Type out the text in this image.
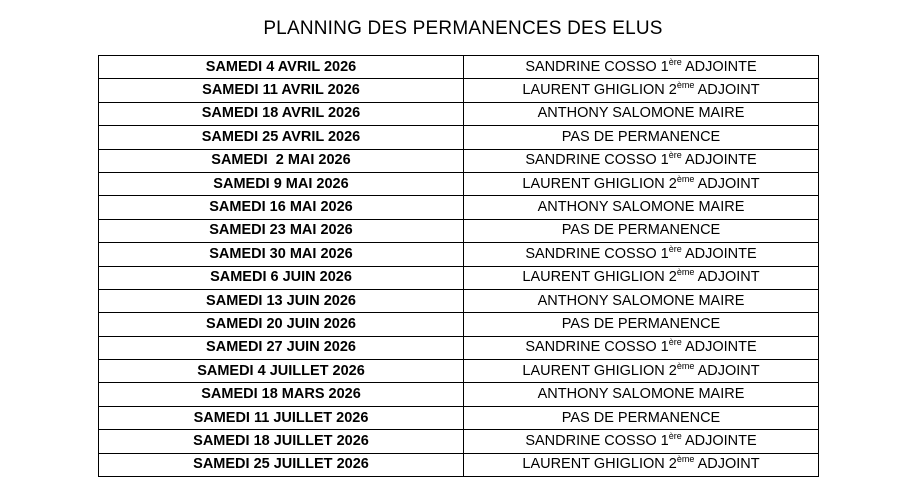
PLANNING DES PERMANENCES DES ELUS
SAMEDI 4 AVRIL 2026	SANDRINE COSSO 1ère ADJOINTE
SAMEDI 11 AVRIL 2026	LAURENT GHIGLION 2ème ADJOINT
SAMEDI 18 AVRIL 2026	ANTHONY SALOMONE MAIRE
SAMEDI 25 AVRIL 2026	PAS DE PERMANENCE
SAMEDI  2 MAI 2026	SANDRINE COSSO 1ère ADJOINTE
SAMEDI 9 MAI 2026	LAURENT GHIGLION 2ème ADJOINT
SAMEDI 16 MAI 2026	ANTHONY SALOMONE MAIRE
SAMEDI 23 MAI 2026	PAS DE PERMANENCE
SAMEDI 30 MAI 2026	SANDRINE COSSO 1ère ADJOINTE
SAMEDI 6 JUIN 2026	LAURENT GHIGLION 2ème ADJOINT
SAMEDI 13 JUIN 2026	ANTHONY SALOMONE MAIRE
SAMEDI 20 JUIN 2026	PAS DE PERMANENCE
SAMEDI 27 JUIN 2026	SANDRINE COSSO 1ère ADJOINTE
SAMEDI 4 JUILLET 2026	LAURENT GHIGLION 2ème ADJOINT
SAMEDI 18 MARS 2026	ANTHONY SALOMONE MAIRE
SAMEDI 11 JUILLET 2026	PAS DE PERMANENCE
SAMEDI 18 JUILLET 2026	SANDRINE COSSO 1ère ADJOINTE
SAMEDI 25 JUILLET 2026	LAURENT GHIGLION 2ème ADJOINT
